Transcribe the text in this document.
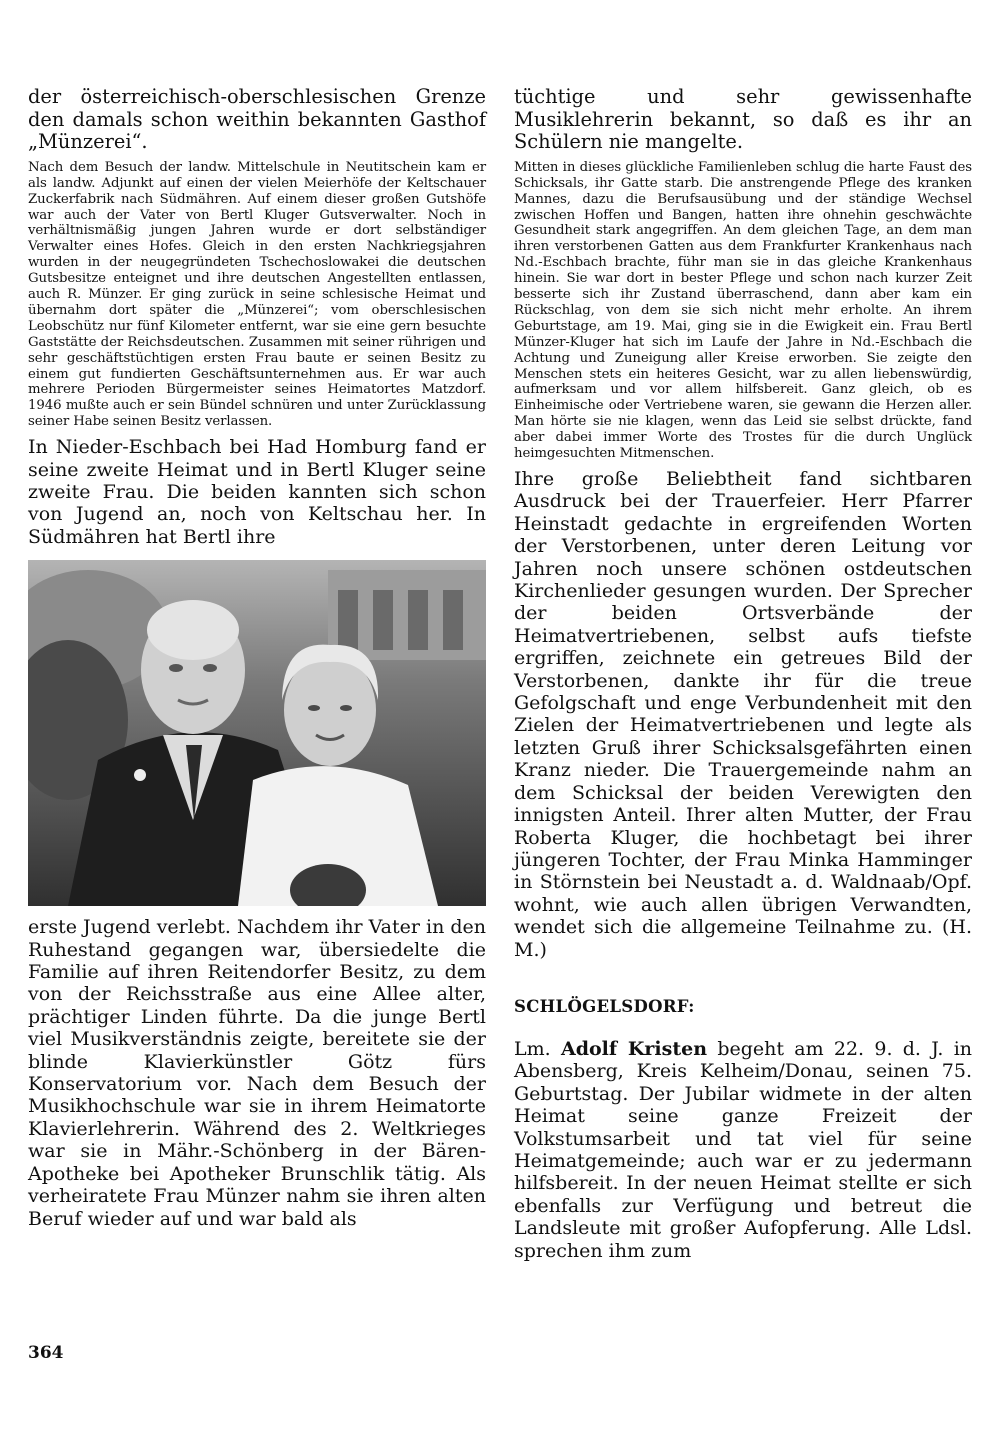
der österreichisch-oberschlesischen Grenze den damals schon weithin bekannten Gasthof „Münzerei“.

Nach dem Besuch der landw. Mittelschule in Neutitschein kam er als landw. Adjunkt auf einen der vielen Meierhöfe der Keltschauer Zuckerfabrik nach Südmähren. Auf einem dieser großen Gutshöfe war auch der Vater von Bertl Kluger Gutsverwalter. Noch in verhältnismäßig jungen Jahren wurde er dort selbständiger Verwalter eines Hofes. Gleich in den ersten Nachkriegsjahren wurden in der neugegründeten Tschechoslowakei die deutschen Gutsbesitze enteignet und ihre deutschen Angestellten entlassen, auch R. Münzer. Er ging zurück in seine schlesische Heimat und übernahm dort später die „Münzerei“; vom oberschlesischen Leobschütz nur fünf Kilometer entfernt, war sie eine gern besuchte Gaststätte der Reichsdeutschen. Zusammen mit seiner rührigen und sehr geschäftstüchtigen ersten Frau baute er seinen Besitz zu einem gut fundierten Geschäftsunternehmen aus. Er war auch mehrere Perioden Bürgermeister seines Heimatortes Matzdorf. 1946 mußte auch er sein Bündel schnüren und unter Zurücklassung seiner Habe seinen Besitz verlassen.

In Nieder-Eschbach bei Had Homburg fand er seine zweite Heimat und in Bertl Kluger seine zweite Frau. Die beiden kannten sich schon von Jugend an, noch von Keltschau her. In Südmähren hat Bertl ihre

erste Jugend verlebt. Nachdem ihr Vater in den Ruhestand gegangen war, übersiedelte die Familie auf ihren Reitendorfer Besitz, zu dem von der Reichsstraße aus eine Allee alter, prächtiger Linden führte. Da die junge Bertl viel Musikverständnis zeigte, bereitete sie der blinde Klavierkünstler Götz fürs Konservatorium vor. Nach dem Besuch der Musikhochschule war sie in ihrem Heimatorte Klavierlehrerin. Während des 2. Weltkrieges war sie in Mähr.-Schönberg in der Bären-Apotheke bei Apotheker Brunschlik tätig. Als verheiratete Frau Münzer nahm sie ihren alten Beruf wieder auf und war bald als

tüchtige und sehr gewissenhafte Musiklehrerin bekannt, so daß es ihr an Schülern nie mangelte.

Mitten in dieses glückliche Familienleben schlug die harte Faust des Schicksals, ihr Gatte starb. Die anstrengende Pflege des kranken Mannes, dazu die Berufsausübung und der ständige Wechsel zwischen Hoffen und Bangen, hatten ihre ohnehin geschwächte Gesundheit stark angegriffen. An dem gleichen Tage, an dem man ihren verstorbenen Gatten aus dem Frankfurter Krankenhaus nach Nd.-Eschbach brachte, führ man sie in das gleiche Krankenhaus hinein. Sie war dort in bester Pflege und schon nach kurzer Zeit besserte sich ihr Zustand überraschend, dann aber kam ein Rückschlag, von dem sie sich nicht mehr erholte. An ihrem Geburtstage, am 19. Mai, ging sie in die Ewigkeit ein. Frau Bertl Münzer-Kluger hat sich im Laufe der Jahre in Nd.-Eschbach die Achtung und Zuneigung aller Kreise erworben. Sie zeigte den Menschen stets ein heiteres Gesicht, war zu allen liebenswürdig, aufmerksam und vor allem hilfsbereit. Ganz gleich, ob es Einheimische oder Vertriebene waren, sie gewann die Herzen aller. Man hörte sie nie klagen, wenn das Leid sie selbst drückte, fand aber dabei immer Worte des Trostes für die durch Unglück heimgesuchten Mitmenschen.

Ihre große Beliebtheit fand sichtbaren Ausdruck bei der Trauerfeier. Herr Pfarrer Heinstadt gedachte in ergreifenden Worten der Verstorbenen, unter deren Leitung vor Jahren noch unsere schönen ostdeutschen Kirchenlieder gesungen wurden. Der Sprecher der beiden Ortsverbände der Heimatvertriebenen, selbst aufs tiefste ergriffen, zeichnete ein getreues Bild der Verstorbenen, dankte ihr für die treue Gefolgschaft und enge Verbundenheit mit den Zielen der Heimatvertriebenen und legte als letzten Gruß ihrer Schicksalsgefährten einen Kranz nieder. Die Trauergemeinde nahm an dem Schicksal der beiden Verewigten den innigsten Anteil. Ihrer alten Mutter, der Frau Roberta Kluger, die hochbetagt bei ihrer jüngeren Tochter, der Frau Minka Hamminger in Störnstein bei Neustadt a. d. Waldnaab/Opf. wohnt, wie auch allen übrigen Verwandten, wendet sich die allgemeine Teilnahme zu. (H. M.)

SCHLÖGELSDORF:

Lm. Adolf Kristen begeht am 22. 9. d. J. in Abensberg, Kreis Kelheim/Donau, seinen 75. Geburtstag. Der Jubilar widmete in der alten Heimat seine ganze Freizeit der Volkstumsarbeit und tat viel für seine Heimatgemeinde; auch war er zu jedermann hilfsbereit. In der neuen Heimat stellte er sich ebenfalls zur Verfügung und betreut die Landsleute mit großer Aufopferung. Alle Ldsl. sprechen ihm zum

364
